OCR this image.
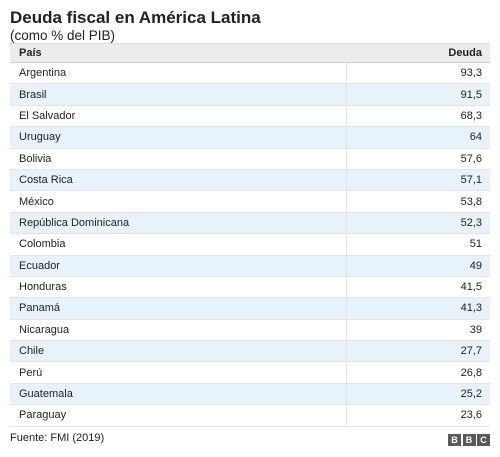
Deuda fiscal en América Latina
(como % del PIB)
País	Deuda
Argentina	93,3
Brasil	91,5
El Salvador	68,3
Uruguay	64
Bolivia	57,6
Costa Rica	57,1
México	53,8
República Dominicana	52,3
Colombia	51
Ecuador	49
Honduras	41,5
Panamá	41,3
Nicaragua	39
Chile	27,7
Perú	26,8
Guatemala	25,2
Paraguay	23,6
Fuente: FMI (2019)	B B C
